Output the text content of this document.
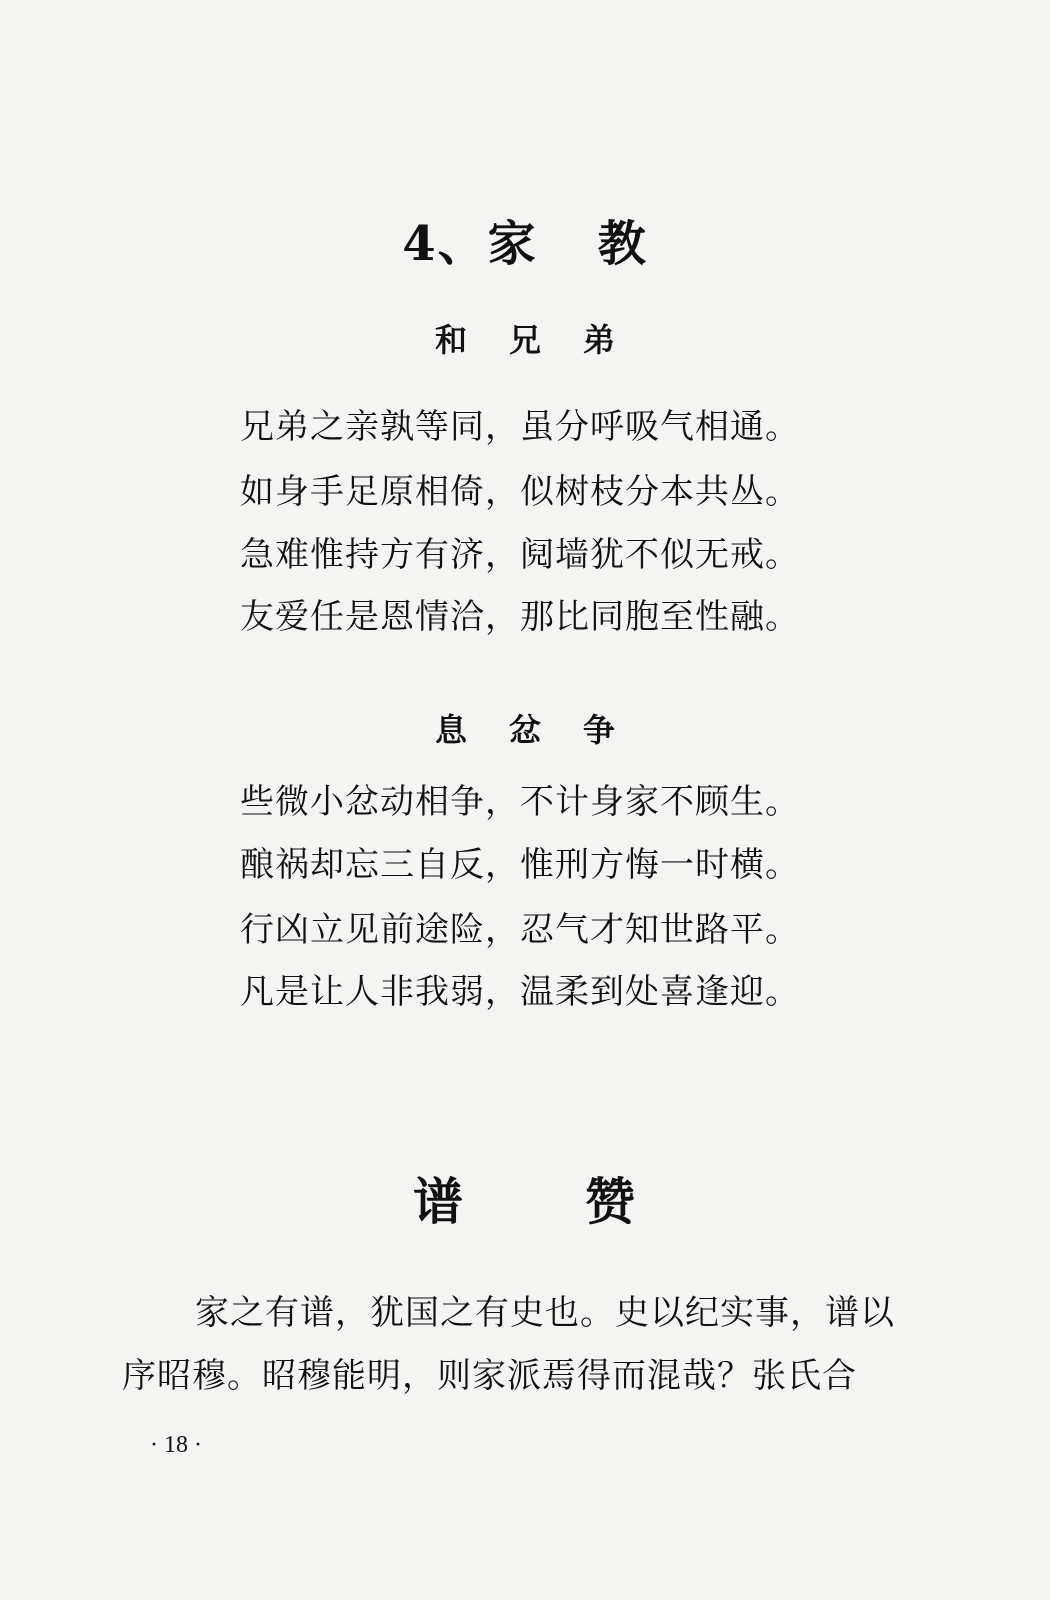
4、家 教
和 兄 弟
兄弟之亲孰等同，虽分呼吸气相通。
如身手足原相倚，似树枝分本共丛。
急难惟持方有济，阋墙犹不似无戒。
友爱任是恩情洽，那比同胞至性融。
息 忿 争
些微小忿动相争，不计身家不顾生。
酿祸却忘三自反，惟刑方悔一时横。
行凶立见前途险，忍气才知世路平。
凡是让人非我弱，温柔到处喜逢迎。
谱 赞
家之有谱，犹国之有史也。史以纪实事，谱以
序昭穆。昭穆能明，则家派焉得而混哉？张氏合
· 18 ·
